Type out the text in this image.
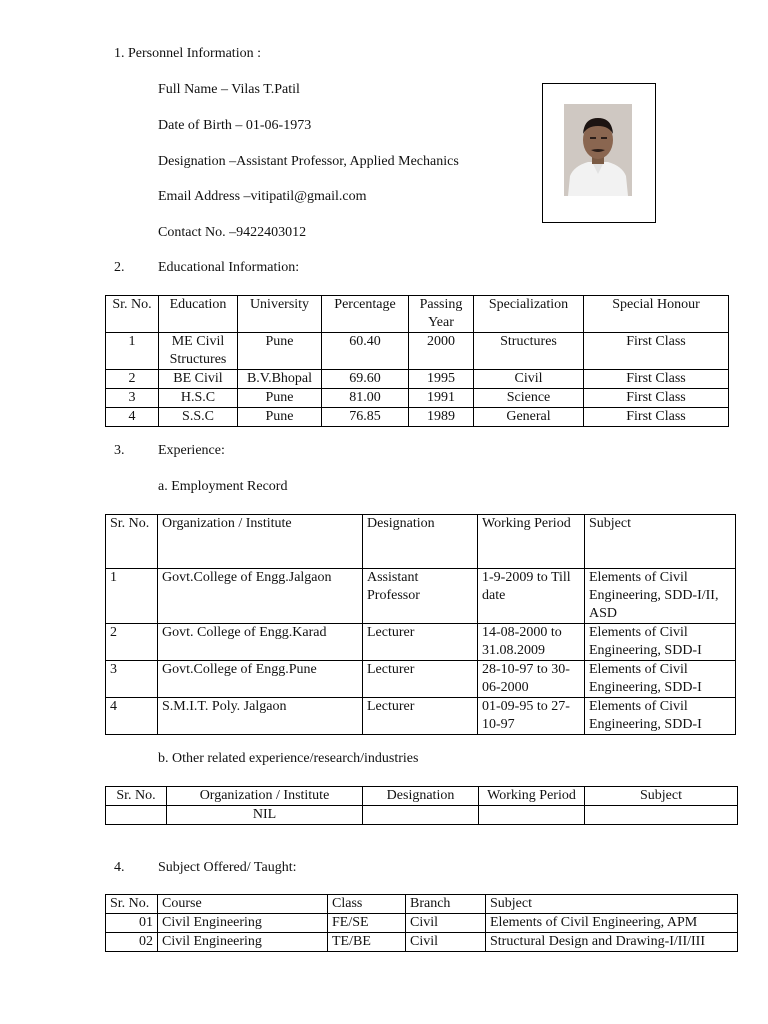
1. Personnel Information :
Full Name – Vilas T.Patil
Date of Birth – 01-06-1973
Designation –Assistant Professor, Applied Mechanics
Email Address –vitipatil@gmail.com
Contact No. –9422403012
2. Educational Information:
Sr. No.	Education	University	Percentage	Passing Year	Specialization	Special Honour
1	ME Civil Structures	Pune	60.40	2000	Structures	First Class
2	BE Civil	B.V.Bhopal	69.60	1995	Civil	First Class
3	H.S.C	Pune	81.00	1991	Science	First Class
4	S.S.C	Pune	76.85	1989	General	First Class
3. Experience:
a. Employment Record
Sr. No.	Organization / Institute	Designation	Working Period	Subject
1	Govt.College of Engg.Jalgaon	Assistant Professor	1-9-2009 to Till date	Elements of Civil Engineering, SDD-I/II, ASD
2	Govt. College of Engg.Karad	Lecturer	14-08-2000 to 31.08.2009	Elements of Civil Engineering, SDD-I
3	Govt.College of Engg.Pune	Lecturer	28-10-97 to 30-06-2000	Elements of Civil Engineering, SDD-I
4	S.M.I.T. Poly. Jalgaon	Lecturer	01-09-95 to 27-10-97	Elements of Civil Engineering, SDD-I
b. Other related experience/research/industries
Sr. No.	Organization / Institute	Designation	Working Period	Subject
	NIL			
4. Subject Offered/ Taught:
Sr. No.	Course	Class	Branch	Subject
01	Civil Engineering	FE/SE	Civil	Elements of Civil Engineering, APM
02	Civil Engineering	TE/BE	Civil	Structural Design and Drawing-I/II/III
